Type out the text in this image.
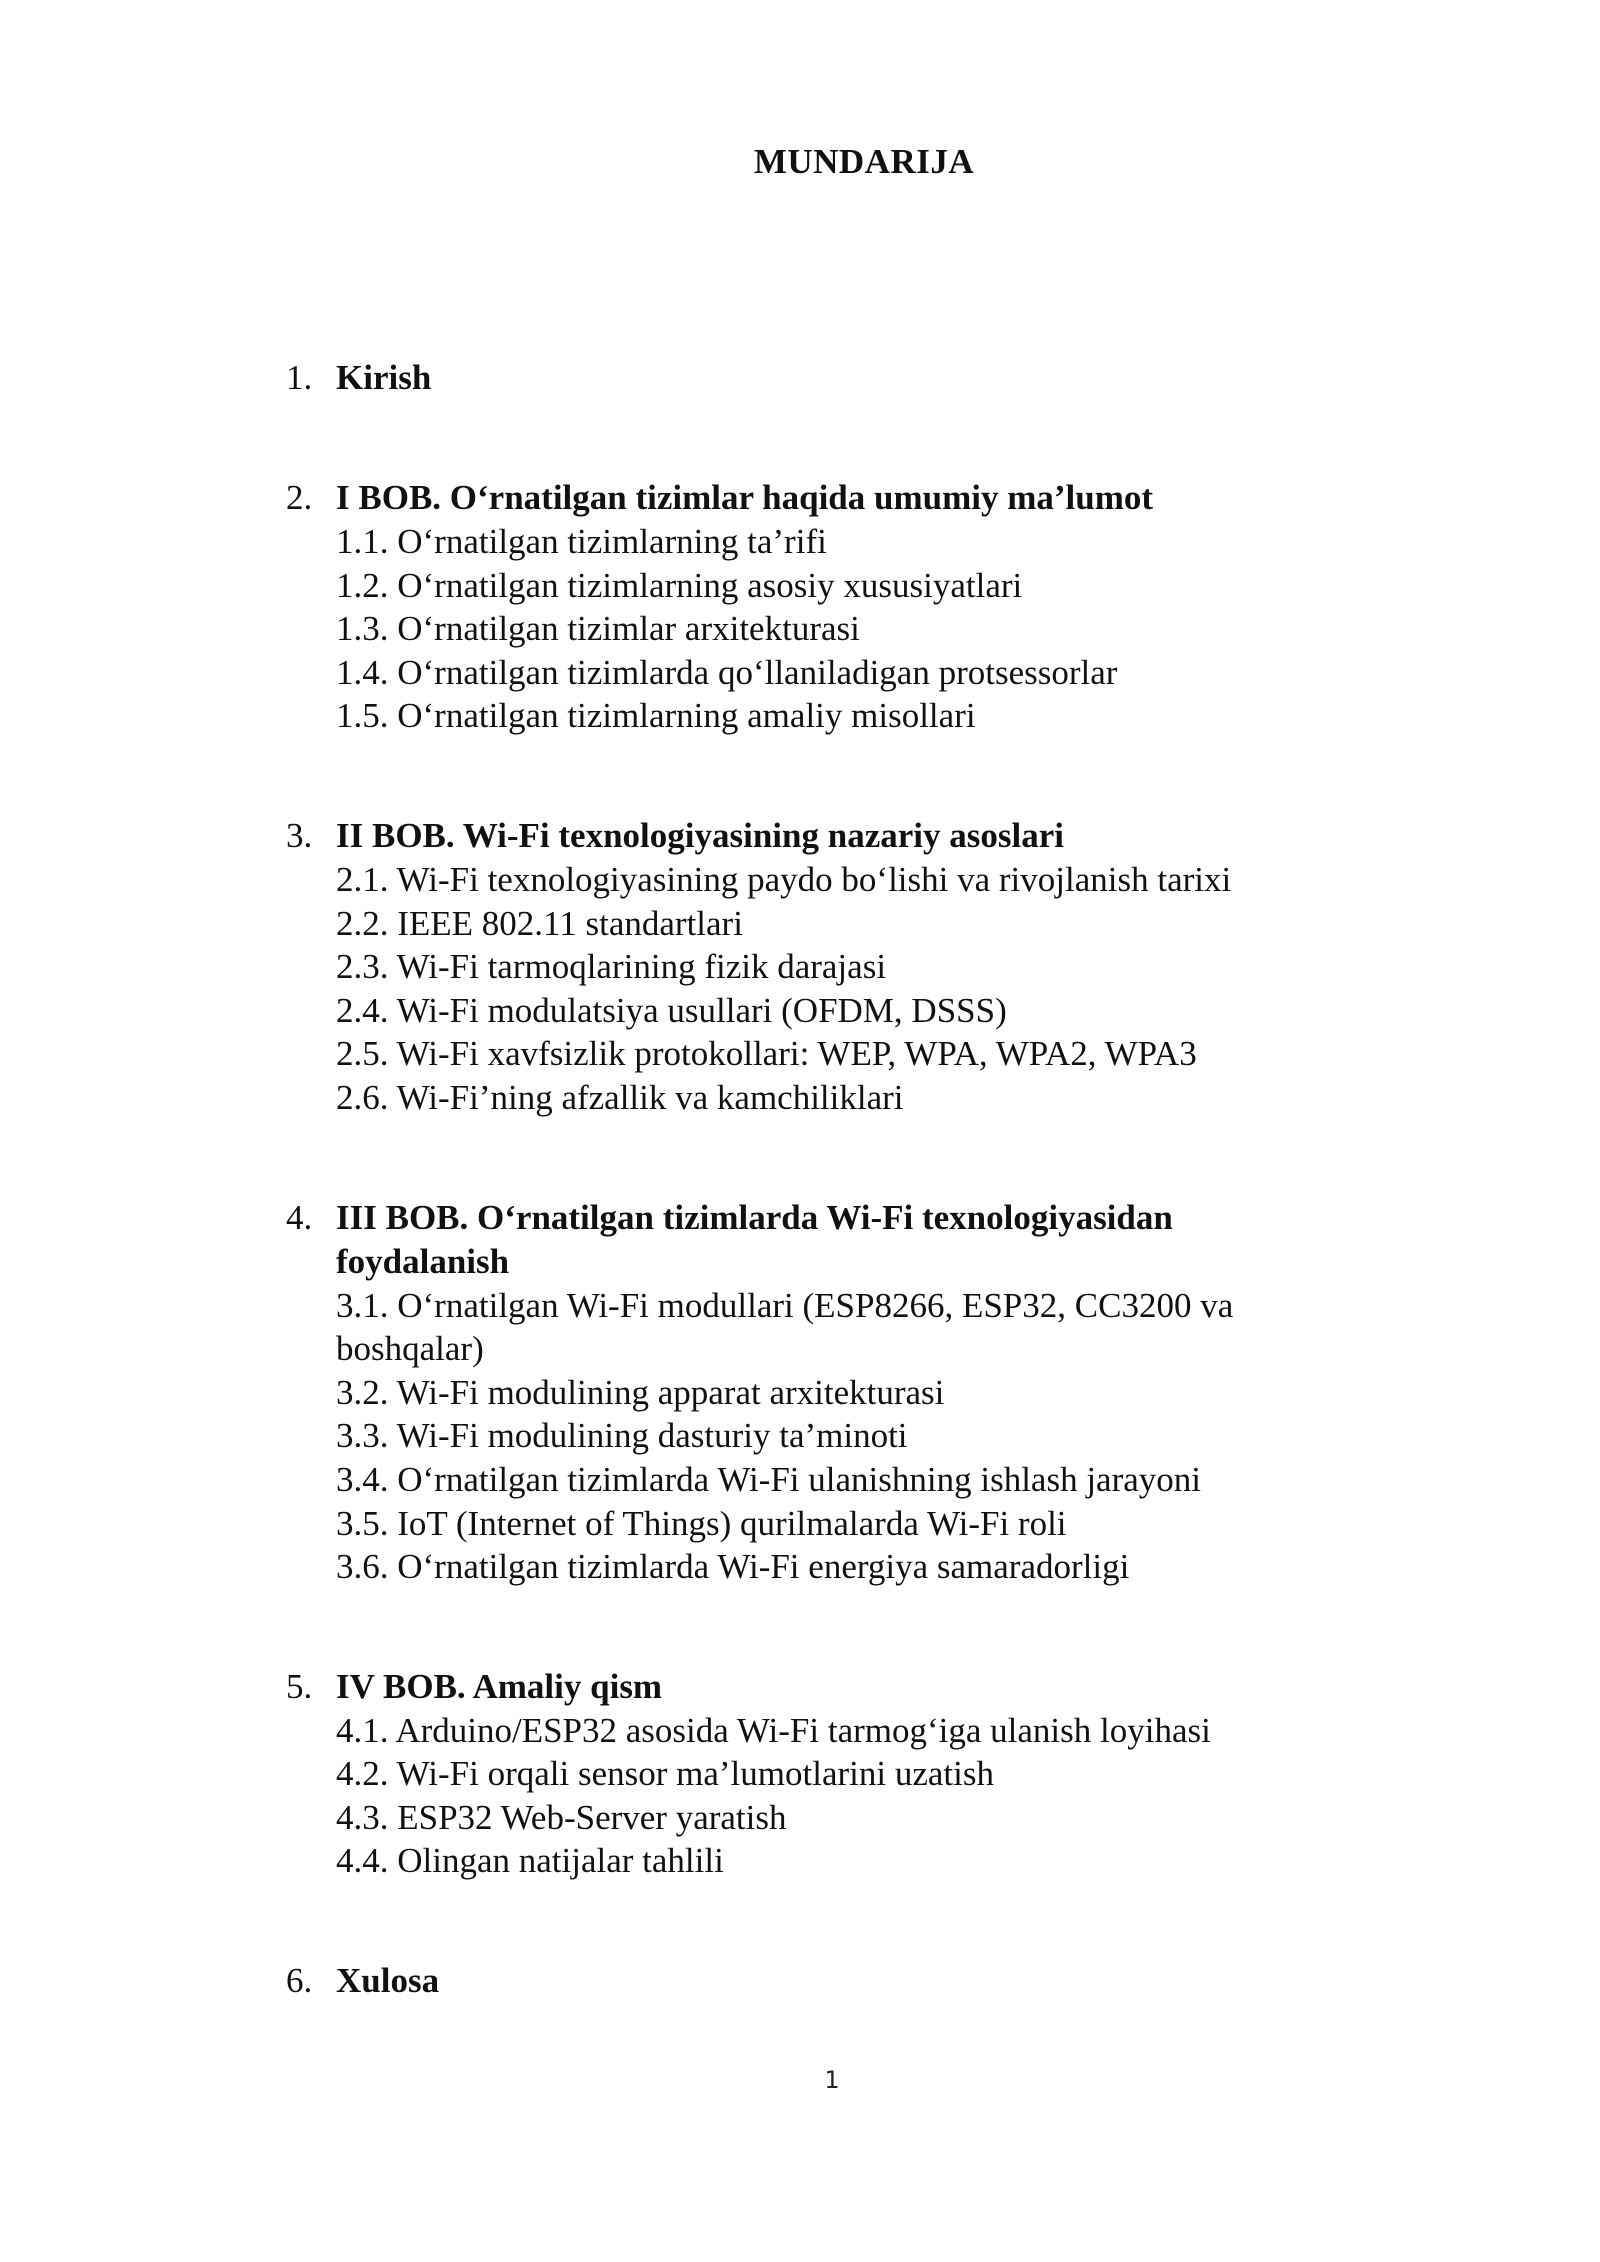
MUNDARIJA
1. Kirish
2. I BOB. O‘rnatilgan tizimlar haqida umumiy ma’lumot
1.1. O‘rnatilgan tizimlarning ta’rifi
1.2. O‘rnatilgan tizimlarning asosiy xususiyatlari
1.3. O‘rnatilgan tizimlar arxitekturasi
1.4. O‘rnatilgan tizimlarda qo‘llaniladigan protsessorlar
1.5. O‘rnatilgan tizimlarning amaliy misollari
3. II BOB. Wi-Fi texnologiyasining nazariy asoslari
2.1. Wi-Fi texnologiyasining paydo bo‘lishi va rivojlanish tarixi
2.2. IEEE 802.11 standartlari
2.3. Wi-Fi tarmoqlarining fizik darajasi
2.4. Wi-Fi modulatsiya usullari (OFDM, DSSS)
2.5. Wi-Fi xavfsizlik protokollari: WEP, WPA, WPA2, WPA3
2.6. Wi-Fi’ning afzallik va kamchiliklari
4. III BOB. O‘rnatilgan tizimlarda Wi-Fi texnologiyasidan foydalanish
3.1. O‘rnatilgan Wi-Fi modullari (ESP8266, ESP32, CC3200 va boshqalar)
3.2. Wi-Fi modulining apparat arxitekturasi
3.3. Wi-Fi modulining dasturiy ta’minoti
3.4. O‘rnatilgan tizimlarda Wi-Fi ulanishning ishlash jarayoni
3.5. IoT (Internet of Things) qurilmalarda Wi-Fi roli
3.6. O‘rnatilgan tizimlarda Wi-Fi energiya samaradorligi
5. IV BOB. Amaliy qism
4.1. Arduino/ESP32 asosida Wi-Fi tarmog‘iga ulanish loyihasi
4.2. Wi-Fi orqali sensor ma’lumotlarini uzatish
4.3. ESP32 Web-Server yaratish
4.4. Olingan natijalar tahlili
6. Xulosa
1
